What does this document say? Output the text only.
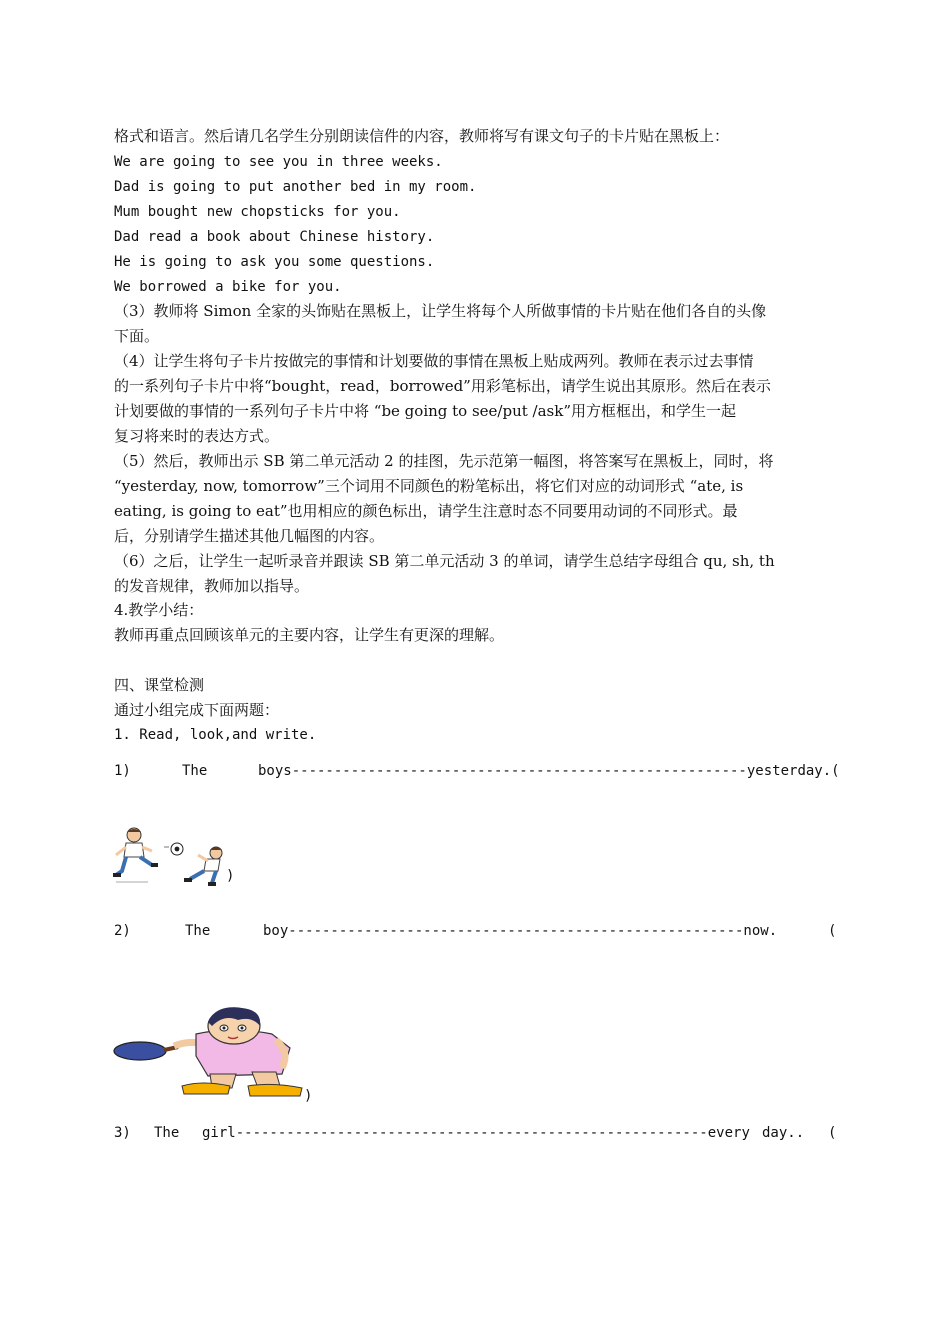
格式和语言。然后请几名学生分别朗读信件的内容，教师将写有课文句子的卡片贴在黑板上：
We are going to see you in three weeks.
Dad is going to put another bed in my room.
Mum bought new chopsticks for you.
Dad read a book about Chinese history.
He is going to ask you some questions.
We borrowed a bike for you.
（3）教师将 Simon 全家的头饰贴在黑板上，让学生将每个人所做事情的卡片贴在他们各自的头像
下面。
（4）让学生将句子卡片按做完的事情和计划要做的事情在黑板上贴成两列。教师在表示过去事情
的一系列句子卡片中将“bought，read，borrowed”用彩笔标出，请学生说出其原形。然后在表示
计划要做的事情的一系列句子卡片中将 “be going to see/put /ask”用方框框出，和学生一起
复习将来时的表达方式。
（5）然后，教师出示 SB 第二单元活动 2 的挂图，先示范第一幅图，将答案写在黑板上，同时，将
“yesterday, now, tomorrow”三个词用不同颜色的粉笔标出，将它们对应的动词形式 “ate, is
eating, is going to eat”也用相应的颜色标出，请学生注意时态不同要用动词的不同形式。最
后，分别请学生描述其他几幅图的内容。
（6）之后，让学生一起听录音并跟读 SB 第二单元活动 3 的单词，请学生总结字母组合 qu, sh, th
的发音规律，教师加以指导。
4.教学小结：
教师再重点回顾该单元的主要内容，让学生有更深的理解。
四、课堂检测
通过小组完成下面两题：
1. Read, look,and write.
1)	The	boys------------------------------------------------------yesterday.(
)
2)	The	boy------------------------------------------------------now.	(
)
3) The girl--------------------------------------------------------every day.. (
